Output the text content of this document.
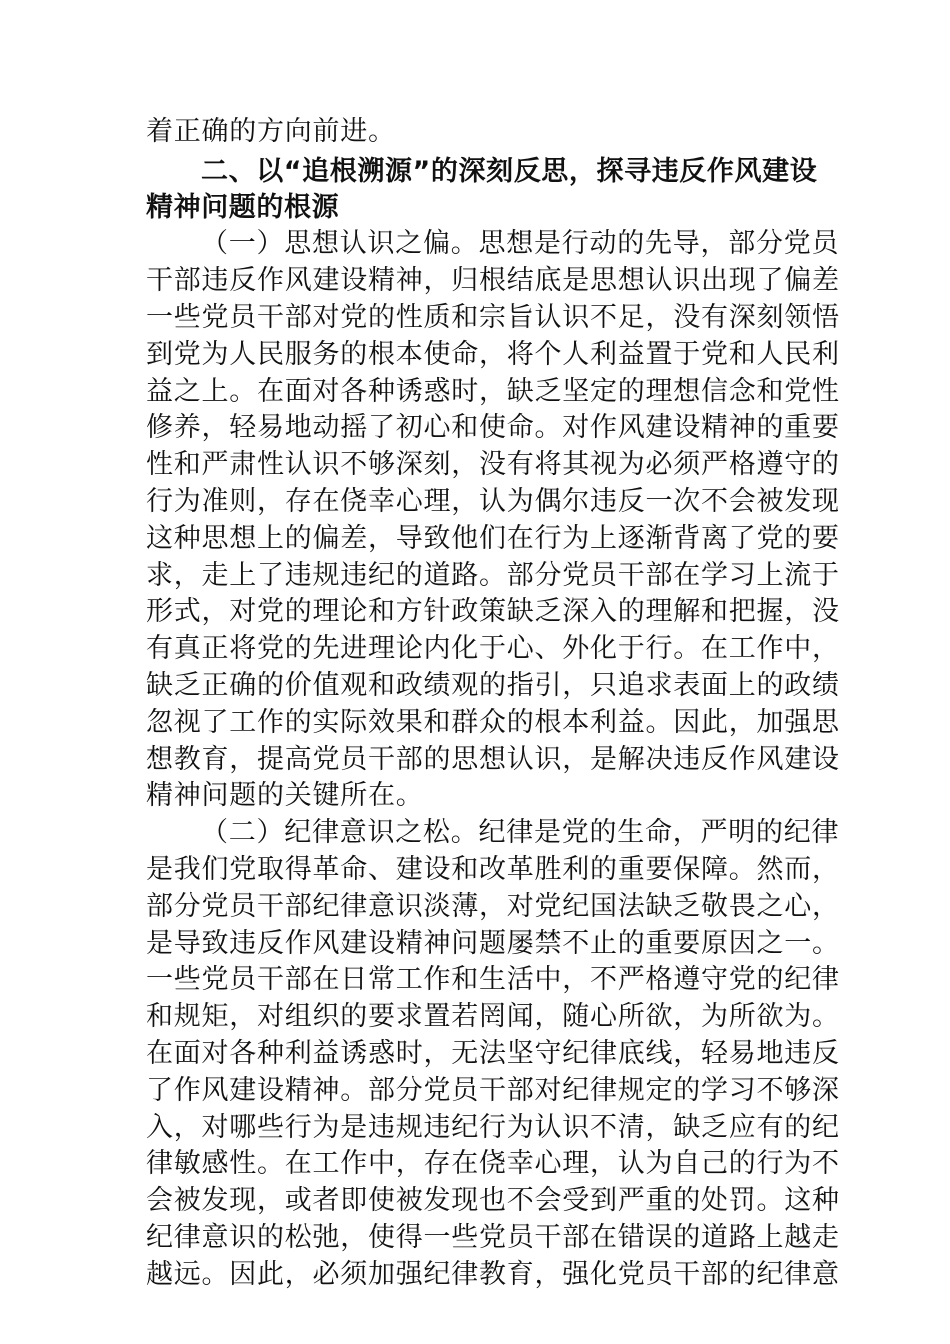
着正确的方向前进。

二、以“追根溯源”的深刻反思，探寻违反作风建设

精神问题的根源

（一）思想认识之偏。思想是行动的先导，部分党员

干部违反作风建设精神，归根结底是思想认识出现了偏差

一些党员干部对党的性质和宗旨认识不足，没有深刻领悟

到党为人民服务的根本使命，将个人利益置于党和人民利

益之上。在面对各种诱惑时，缺乏坚定的理想信念和党性

修养，轻易地动摇了初心和使命。对作风建设精神的重要

性和严肃性认识不够深刻，没有将其视为必须严格遵守的

行为准则，存在侥幸心理，认为偶尔违反一次不会被发现

这种思想上的偏差，导致他们在行为上逐渐背离了党的要

求，走上了违规违纪的道路。部分党员干部在学习上流于

形式，对党的理论和方针政策缺乏深入的理解和把握，没

有真正将党的先进理论内化于心、外化于行。在工作中，

缺乏正确的价值观和政绩观的指引，只追求表面上的政绩

忽视了工作的实际效果和群众的根本利益。因此，加强思

想教育，提高党员干部的思想认识，是解决违反作风建设

精神问题的关键所在。

（二）纪律意识之松。纪律是党的生命，严明的纪律

是我们党取得革命、建设和改革胜利的重要保障。然而，

部分党员干部纪律意识淡薄，对党纪国法缺乏敬畏之心，

是导致违反作风建设精神问题屡禁不止的重要原因之一。

一些党员干部在日常工作和生活中，不严格遵守党的纪律

和规矩，对组织的要求置若罔闻，随心所欲，为所欲为。

在面对各种利益诱惑时，无法坚守纪律底线，轻易地违反

了作风建设精神。部分党员干部对纪律规定的学习不够深

入，对哪些行为是违规违纪行为认识不清，缺乏应有的纪

律敏感性。在工作中，存在侥幸心理，认为自己的行为不

会被发现，或者即使被发现也不会受到严重的处罚。这种

纪律意识的松弛，使得一些党员干部在错误的道路上越走

越远。因此，必须加强纪律教育，强化党员干部的纪律意
